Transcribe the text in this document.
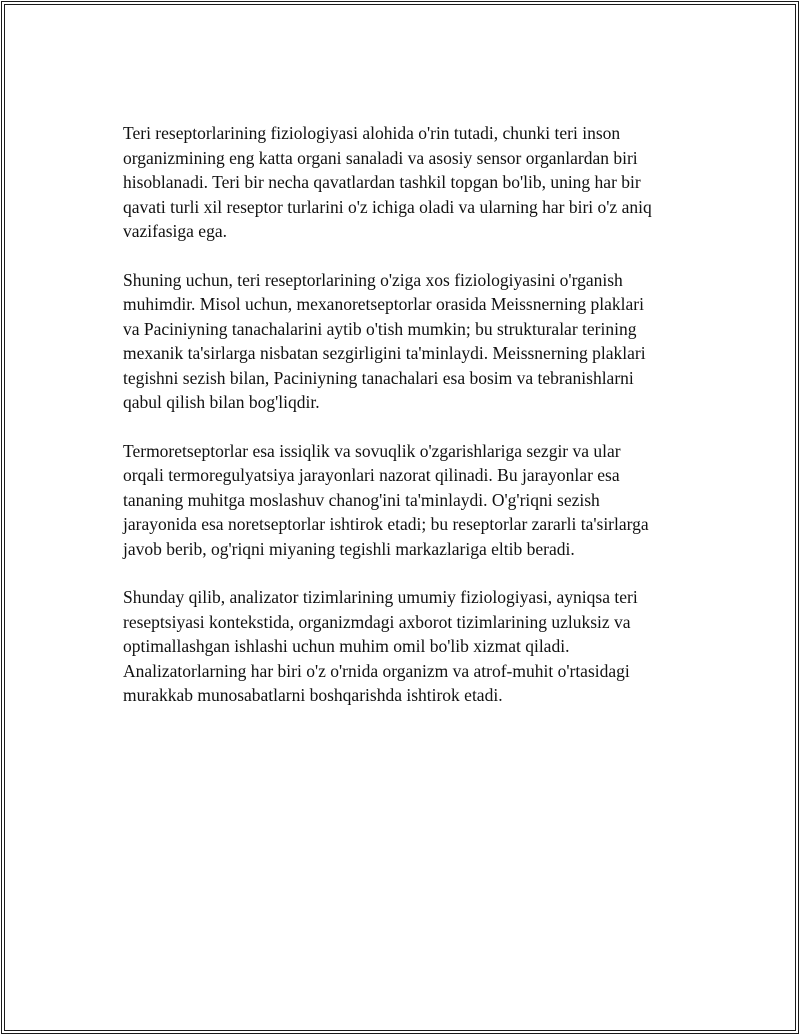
Teri reseptorlarining fiziologiyasi alohida o'rin tutadi, chunki teri inson
organizmining eng katta organi sanaladi va asosiy sensor organlardan biri
hisoblanadi. Teri bir necha qavatlardan tashkil topgan bo'lib, uning har bir
qavati turli xil reseptor turlarini o'z ichiga oladi va ularning har biri o'z aniq
vazifasiga ega.

Shuning uchun, teri reseptorlarining o'ziga xos fiziologiyasini o'rganish
muhimdir. Misol uchun, mexanoretseptorlar orasida Meissnerning plaklari
va Paciniyning tanachalarini aytib o'tish mumkin; bu strukturalar terining
mexanik ta'sirlarga nisbatan sezgirligini ta'minlaydi. Meissnerning plaklari
tegishni sezish bilan, Paciniyning tanachalari esa bosim va tebranishlarni
qabul qilish bilan bog'liqdir.

Termoretseptorlar esa issiqlik va sovuqlik o'zgarishlariga sezgir va ular
orqali termoregulyatsiya jarayonlari nazorat qilinadi. Bu jarayonlar esa
tananing muhitga moslashuv chanog'ini ta'minlaydi. O'g'riqni sezish
jarayonida esa noretseptorlar ishtirok etadi; bu reseptorlar zararli ta'sirlarga
javob berib, og'riqni miyaning tegishli markazlariga eltib beradi.

Shunday qilib, analizator tizimlarining umumiy fiziologiyasi, ayniqsa teri
reseptsiyasi kontekstida, organizmdagi axborot tizimlarining uzluksiz va
optimallashgan ishlashi uchun muhim omil bo'lib xizmat qiladi.
Analizatorlarning har biri o'z o'rnida organizm va atrof-muhit o'rtasidagi
murakkab munosabatlarni boshqarishda ishtirok etadi.
